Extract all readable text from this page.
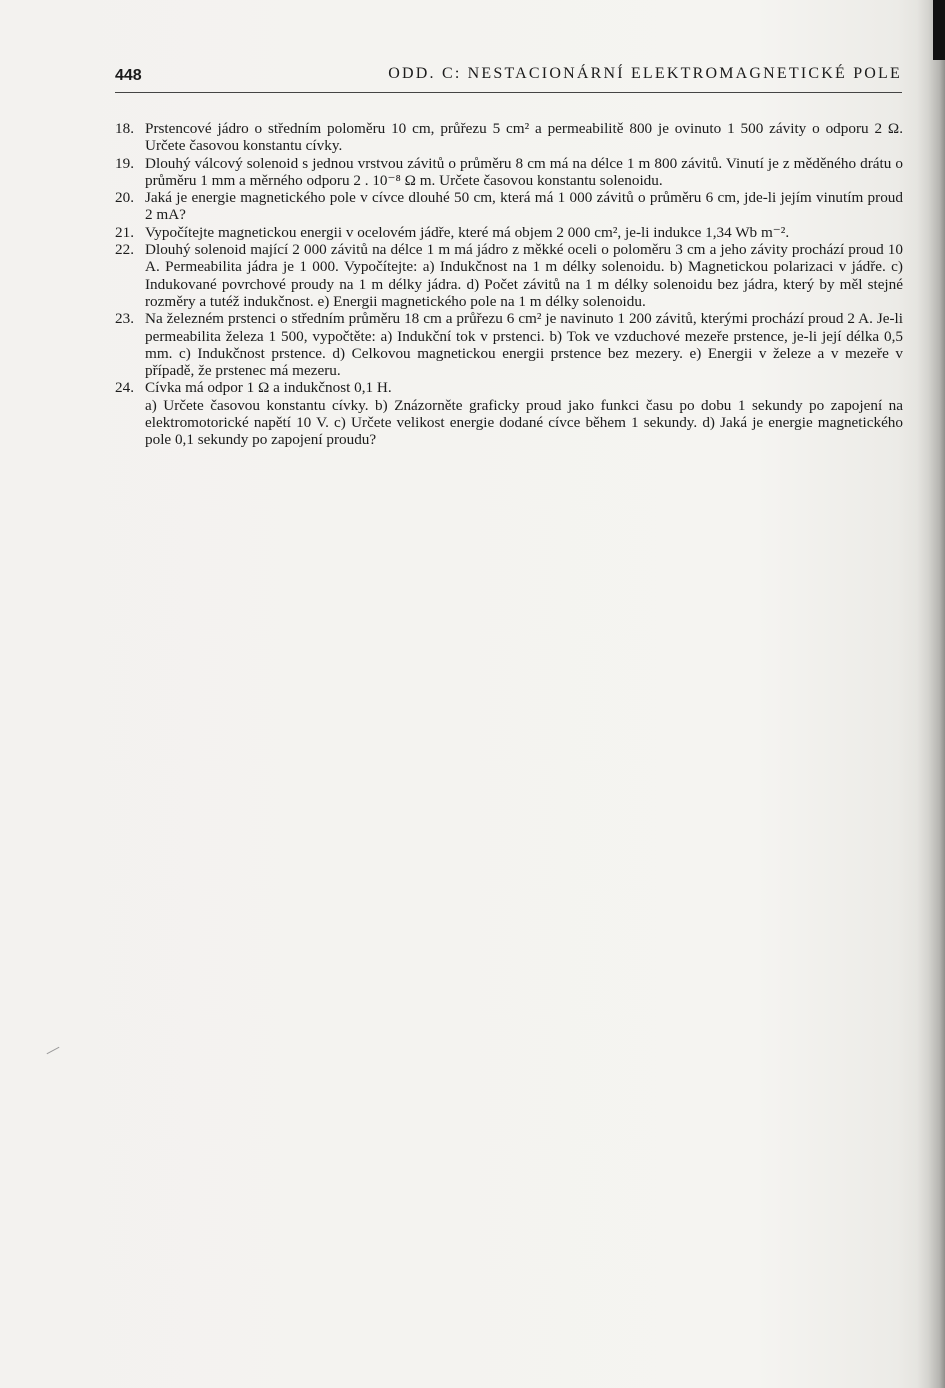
448	ODD. C: NESTACIONÁRNÍ ELEKTROMAGNETICKÉ POLE
18. Prstencové jádro o středním poloměru 10 cm, průřezu 5 cm² a permeabilitě 800 je ovinuto 1 500 závity o odporu 2 Ω. Určete časovou konstantu cívky.
19. Dlouhý válcový solenoid s jednou vrstvou závitů o průměru 8 cm má na délce 1 m 800 závitů. Vinutí je z měděného drátu o průměru 1 mm a měrného odporu 2 . 10⁻⁸ Ω m. Určete časovou konstantu solenoidu.
20. Jaká je energie magnetického pole v cívce dlouhé 50 cm, která má 1 000 závitů o průměru 6 cm, jde-li jejím vinutím proud 2 mA?
21. Vypočítejte magnetickou energii v ocelovém jádře, které má objem 2 000 cm², je-li indukce 1,34 Wb m⁻².
22. Dlouhý solenoid mající 2 000 závitů na délce 1 m má jádro z měkké oceli o poloměru 3 cm a jeho závity prochází proud 10 A. Permeabilita jádra je 1 000. Vypočítejte: a) Indukčnost na 1 m délky solenoidu. b) Magnetickou polarizaci v jádře. c) Indukované povrchové proudy na 1 m délky jádra. d) Počet závitů na 1 m délky solenoidu bez jádra, který by měl stejné rozměry a tutéž indukčnost. e) Energii magnetického pole na 1 m délky solenoidu.
23. Na železném prstenci o středním průměru 18 cm a průřezu 6 cm² je navinuto 1 200 závitů, kterými prochází proud 2 A. Je-li permeabilita železa 1 500, vypočtěte: a) Indukční tok v prstenci. b) Tok ve vzduchové mezeře prstence, je-li její délka 0,5 mm. c) Indukčnost prstence. d) Celkovou magnetickou energii prstence bez mezery. e) Energii v železe a v mezeře v případě, že prstenec má mezeru.
24. Cívka má odpor 1 Ω a indukčnost 0,1 H.
a) Určete časovou konstantu cívky. b) Znázorněte graficky proud jako funkci času po dobu 1 sekundy po zapojení na elektromotorické napětí 10 V. c) Určete velikost energie dodané cívce během 1 sekundy. d) Jaká je energie magnetického pole 0,1 sekundy po zapojení proudu?
